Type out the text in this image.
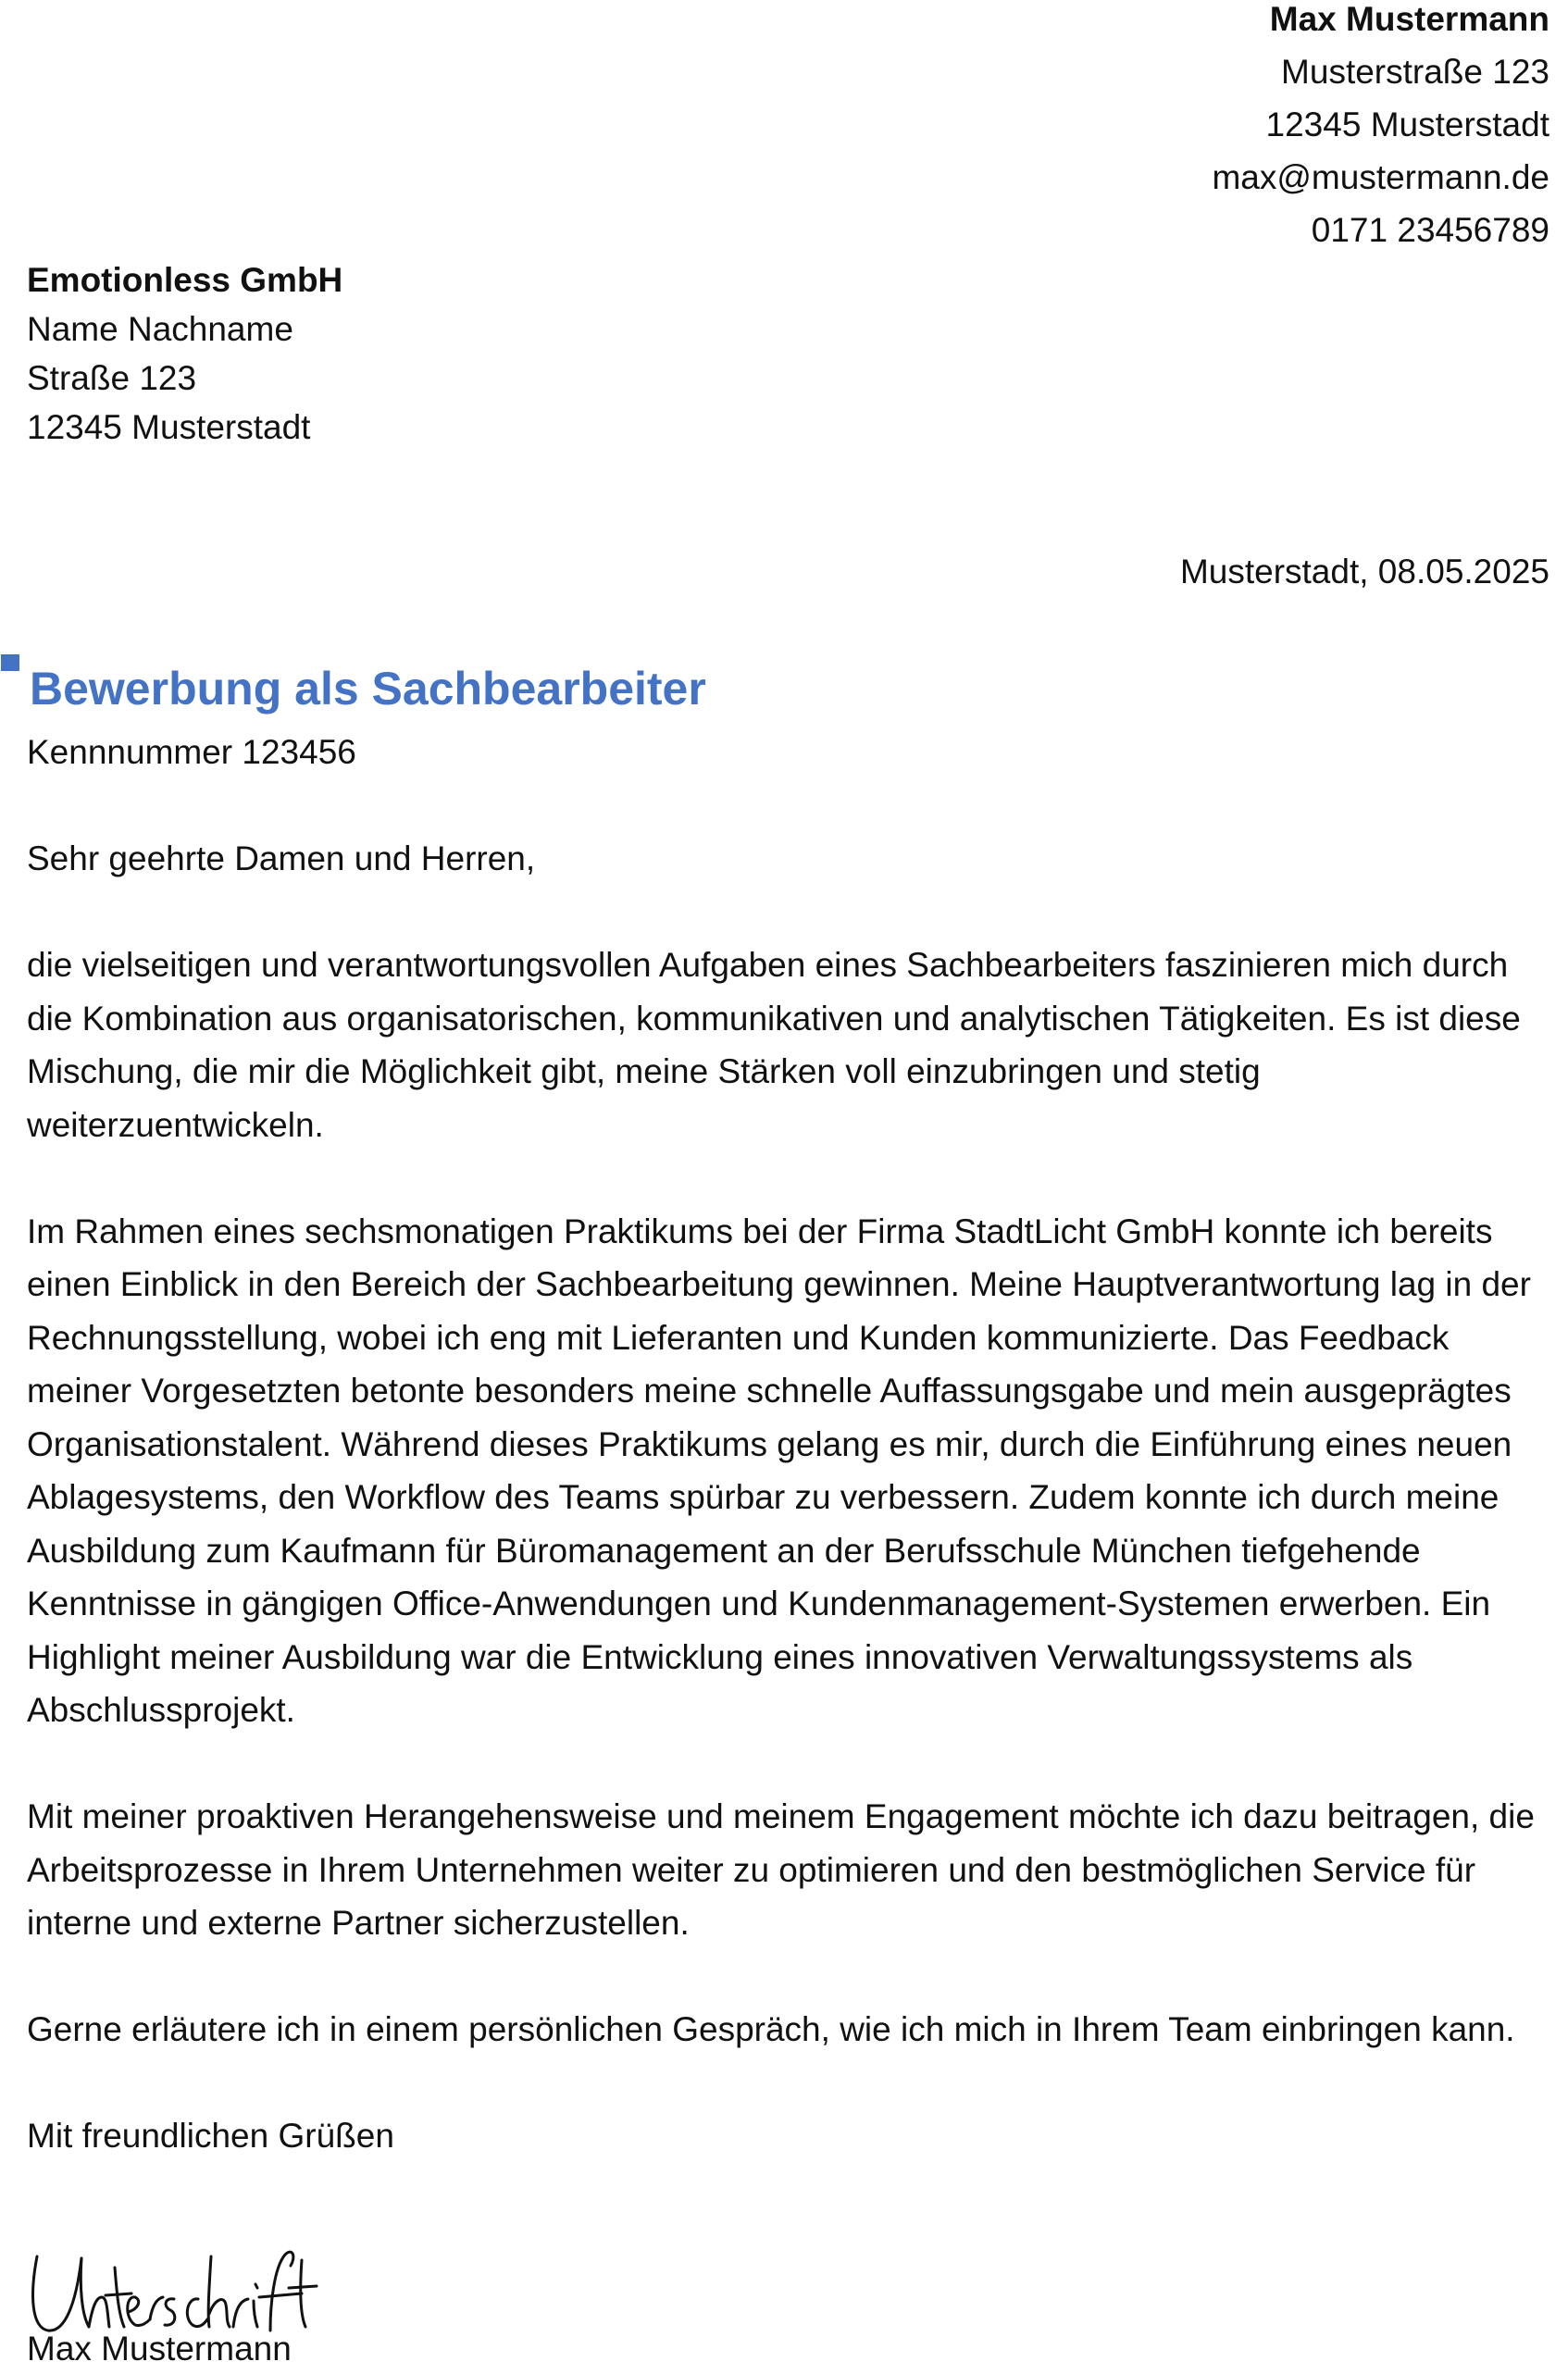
Max Mustermann
Musterstraße 123
12345 Musterstadt
max@mustermann.de
0171 23456789
Emotionless GmbH
Name Nachname
Straße 123
12345 Musterstadt
Musterstadt, 08.05.2025
Bewerbung als Sachbearbeiter
Kennnummer 123456

Sehr geehrte Damen und Herren,

die vielseitigen und verantwortungsvollen Aufgaben eines Sachbearbeiters faszinieren mich durch die Kombination aus organisatorischen, kommunikativen und analytischen Tätigkeiten. Es ist diese Mischung, die mir die Möglichkeit gibt, meine Stärken voll einzubringen und stetig weiterzuentwickeln.

Im Rahmen eines sechsmonatigen Praktikums bei der Firma StadtLicht GmbH konnte ich bereits einen Einblick in den Bereich der Sachbearbeitung gewinnen. Meine Hauptverantwortung lag in der Rechnungsstellung, wobei ich eng mit Lieferanten und Kunden kommunizierte. Das Feedback meiner Vorgesetzten betonte besonders meine schnelle Auffassungsgabe und mein ausgeprägtes Organisationstalent. Während dieses Praktikums gelang es mir, durch die Einführung eines neuen Ablagesystems, den Workflow des Teams spürbar zu verbessern. Zudem konnte ich durch meine Ausbildung zum Kaufmann für Büromanagement an der Berufsschule München tiefgehende Kenntnisse in gängigen Office-Anwendungen und Kundenmanagement-Systemen erwerben. Ein Highlight meiner Ausbildung war die Entwicklung eines innovativen Verwaltungssystems als Abschlussprojekt.

Mit meiner proaktiven Herangehensweise und meinem Engagement möchte ich dazu beitragen, die Arbeitsprozesse in Ihrem Unternehmen weiter zu optimieren und den bestmöglichen Service für interne und externe Partner sicherzustellen.

Gerne erläutere ich in einem persönlichen Gespräch, wie ich mich in Ihrem Team einbringen kann.

Mit freundlichen Grüßen

Max Mustermann
